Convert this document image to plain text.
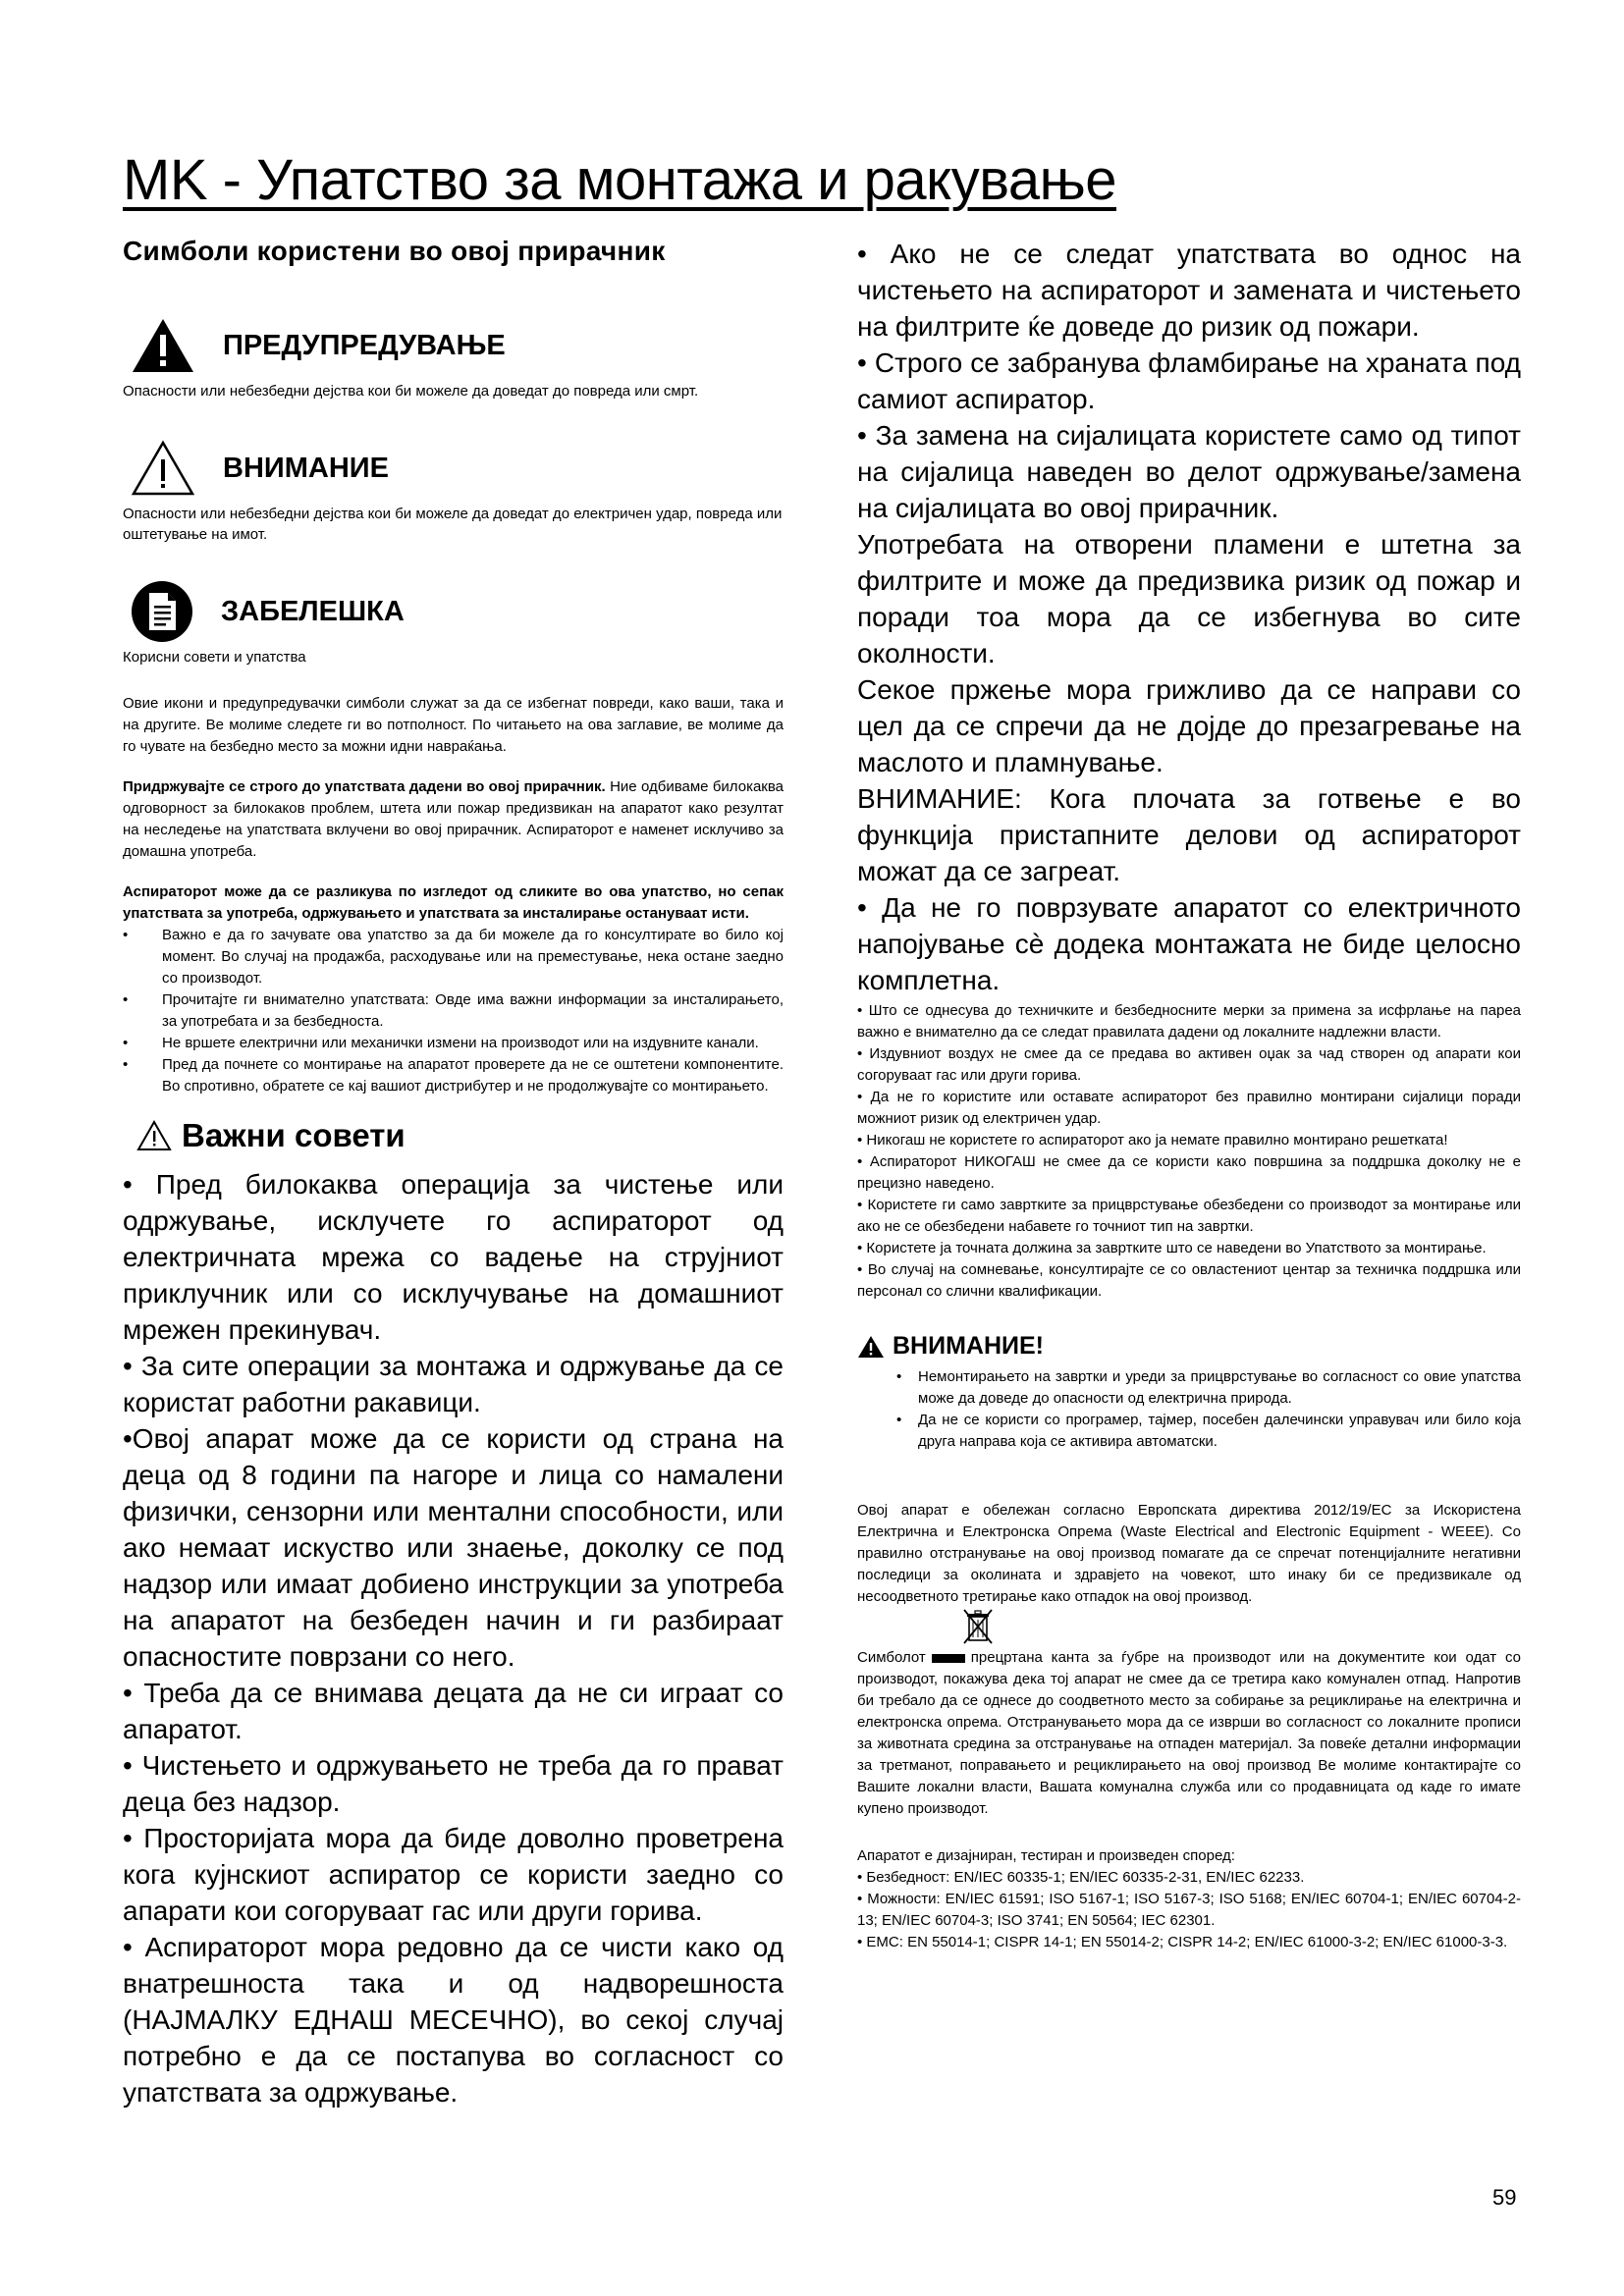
MK - Упатство за монтажа и ракување

Симболи користени во овој прирачник

ПРЕДУПРЕДУВАЊЕ

Опасности или небезбедни дејства кои би можеле да доведат до повреда или смрт.

ВНИМАНИЕ

Опасности или небезбедни дејства кои би можеле да доведат до електричен удар, повреда или оштетување на имот.

ЗАБЕЛЕШКА

Корисни совети и упатства

Овие икони и предупредувачки симболи служат за да се избегнат повреди, како ваши, така и на другите. Ве молиме следете ги во потполност. По читањето на ова заглавие, ве молиме да го чувате на безбедно место за можни идни навраќања.

Придржувајте се строго до упатствата дадени во овој прирачник. Ние одбиваме билокаква одговорност за билокаков проблем, штета или пожар предизвикан на апаратот како резултат на неследење на упатствата вклучени во овој прирачник. Аспираторот е наменет исклучиво за домашна употреба.

Аспираторот може да се разликува по изгледот од сликите во ова упатство, но сепак упатствата за употреба, одржувањето и упатствата за инсталирање остануваат исти.

•	Важно е да го зачувате ова упатство за да би можеле да го консултирате во било кој момент. Во случај на продажба, расходување или на преместување, нека остане заедно со производот.
•	Прочитајте ги внимателно упатствата: Овде има важни информации за инсталирањето, за употребата и за безбедноста.
•	Не вршете електрични или механички измени на производот или на издувните канали.
•	Пред да почнете со монтирање на апаратот проверете да не се оштетени компонентите. Во спротивно, обратете се кај вашиот дистрибутер и не продолжувајте со монтирањето.
Важни совети

• Пред билокаква операција за чистење или одржување, исклучете го аспираторот од електричната мрежа со вадење на струјниот приклучник или со исклучување на домашниот мрежен прекинувач.

• За сите операции за монтажа и одржување да се користат работни ракавици.

•Овој апарат може да се користи од страна на деца од 8 години па нагоре и лица со намалени физички, сензорни или ментални способности, или ако немаат искуство или знаење, доколку се под надзор или имаат добиено инструкции за употреба на апаратот на безбеден начин и ги разбираат опасностите поврзани со него.

• Треба да се внимава децата да не си играат со апаратот.

• Чистењето и одржувањето не треба да го прават деца без надзор.

• Просторијата мора да биде доволно проветрена кога кујнскиот аспиратор се користи заедно со апарати кои согоруваат гас или други горива.

• Аспираторот мора редовно да се чисти како од внатрешноста така и од надворешноста (НАЈМАЛКУ ЕДНАШ МЕСЕЧНО), во секој случај потребно е да се постапува во согласност со упатствата за одржување.

• Ако не се следат упатствата во однос на чистењето на аспираторот и замената и чистењето на филтрите ќе доведе до ризик од пожари.

• Строго се забранува фламбирање на храната под самиот аспиратор.

• За замена на сијалицата користете само од типот на сијалица наведен во делот одржување/замена на сијалицата во овој прирачник.

Употребата на отворени пламени е штетна за филтрите и може да предизвика ризик од пожар и поради тоа мора да се избегнува во сите околности.

Секое пржење мора грижливо да се направи со цел да се спречи да не дојде до презагревање на маслото и пламнување.

ВНИМАНИЕ: Кога плочата за готвење е во функција пристапните делови од аспираторот можат да се загреат.

• Да не го поврзувате апаратот со електричното напојување сè додека монтажата не биде целосно комплетна.

• Што се однесува до техничките и безбедносните мерки за примена за исфрлање на пареа важно е внимателно да се следат правилата дадени од локалните надлежни власти.

• Издувниот воздух не смее да се предава во активен оџак за чад створен од апарати кои согоруваат гас или други горива.

• Да не го користите или оставате аспираторот без правилно монтирани сијалици поради можниот ризик од електричен удар.

• Никогаш не користете го аспираторот ако ја немате правилно монтирано решетката!

• Аспираторот НИКОГАШ не смее да се користи како површина за поддршка доколку не е прецизно наведено.

• Користете ги само завртките за прицврстување обезбедени со производот за монтирање или ако не се обезбедени набавете го точниот тип на завртки.

• Користете ја точната должина за завртките што се наведени во Упатството за монтирање.

• Во случај на сомневање, консултирајте се со овластениот центар за техничка поддршка или персонал со слични квалификации.

ВНИМАНИЕ!
•	Немонтирањето на завртки и уреди за прицврстување во согласност со овие упатства може да доведе до опасности од електрична природа.
•	Да не се користи со програмер, тајмер, посебен далечински управувач или било која друга направа која се активира автоматски.

Овој апарат е обележан согласно Европската директива 2012/19/EC за Искористена Електрична и Електронска Опрема (Waste Electrical and Electronic Equipment - WEEE). Со правилно отстранување на овој производ помагате да се спречат потенцијалните негативни последици за околината и здравјето на човекот, што инаку би се предизвикале од несоодветното третирање како отпадок на овој производ.

Симболот	прецртана канта за ѓубре на производот или на документите кои одат со производот, покажува дека тој апарат не смее да се третира како комунален отпад. Напротив би требало да се однесе до соодветното место за собирање за рециклирање на електрична и електронска опрема. Отстранувањето мора да се изврши во согласност со локалните прописи за животната средина за отстранување на отпаден материјал. За повеќе детални информации за третманот, поправањето и рециклирањето на овој производ Ве молиме контактирајте со Вашите локални власти, Вашата комунална служба или со продавницата од каде го имате купено производот.

Апаратот е дизајниран, тестиран и произведен според:

• Безбедност: EN/IEC 60335-1; EN/IEC 60335-2-31, EN/IEC 62233.

• Можности: EN/IEC 61591; ISO 5167-1; ISO 5167-3; ISO 5168; EN/IEC 60704-1; EN/IEC 60704-2-13; EN/IEC 60704-3; ISO 3741; EN 50564; IEC 62301.

• EMC: EN 55014-1; CISPR 14-1; EN 55014-2; CISPR 14-2; EN/IEC 61000-3-2; EN/IEC 61000-3-3.

59
